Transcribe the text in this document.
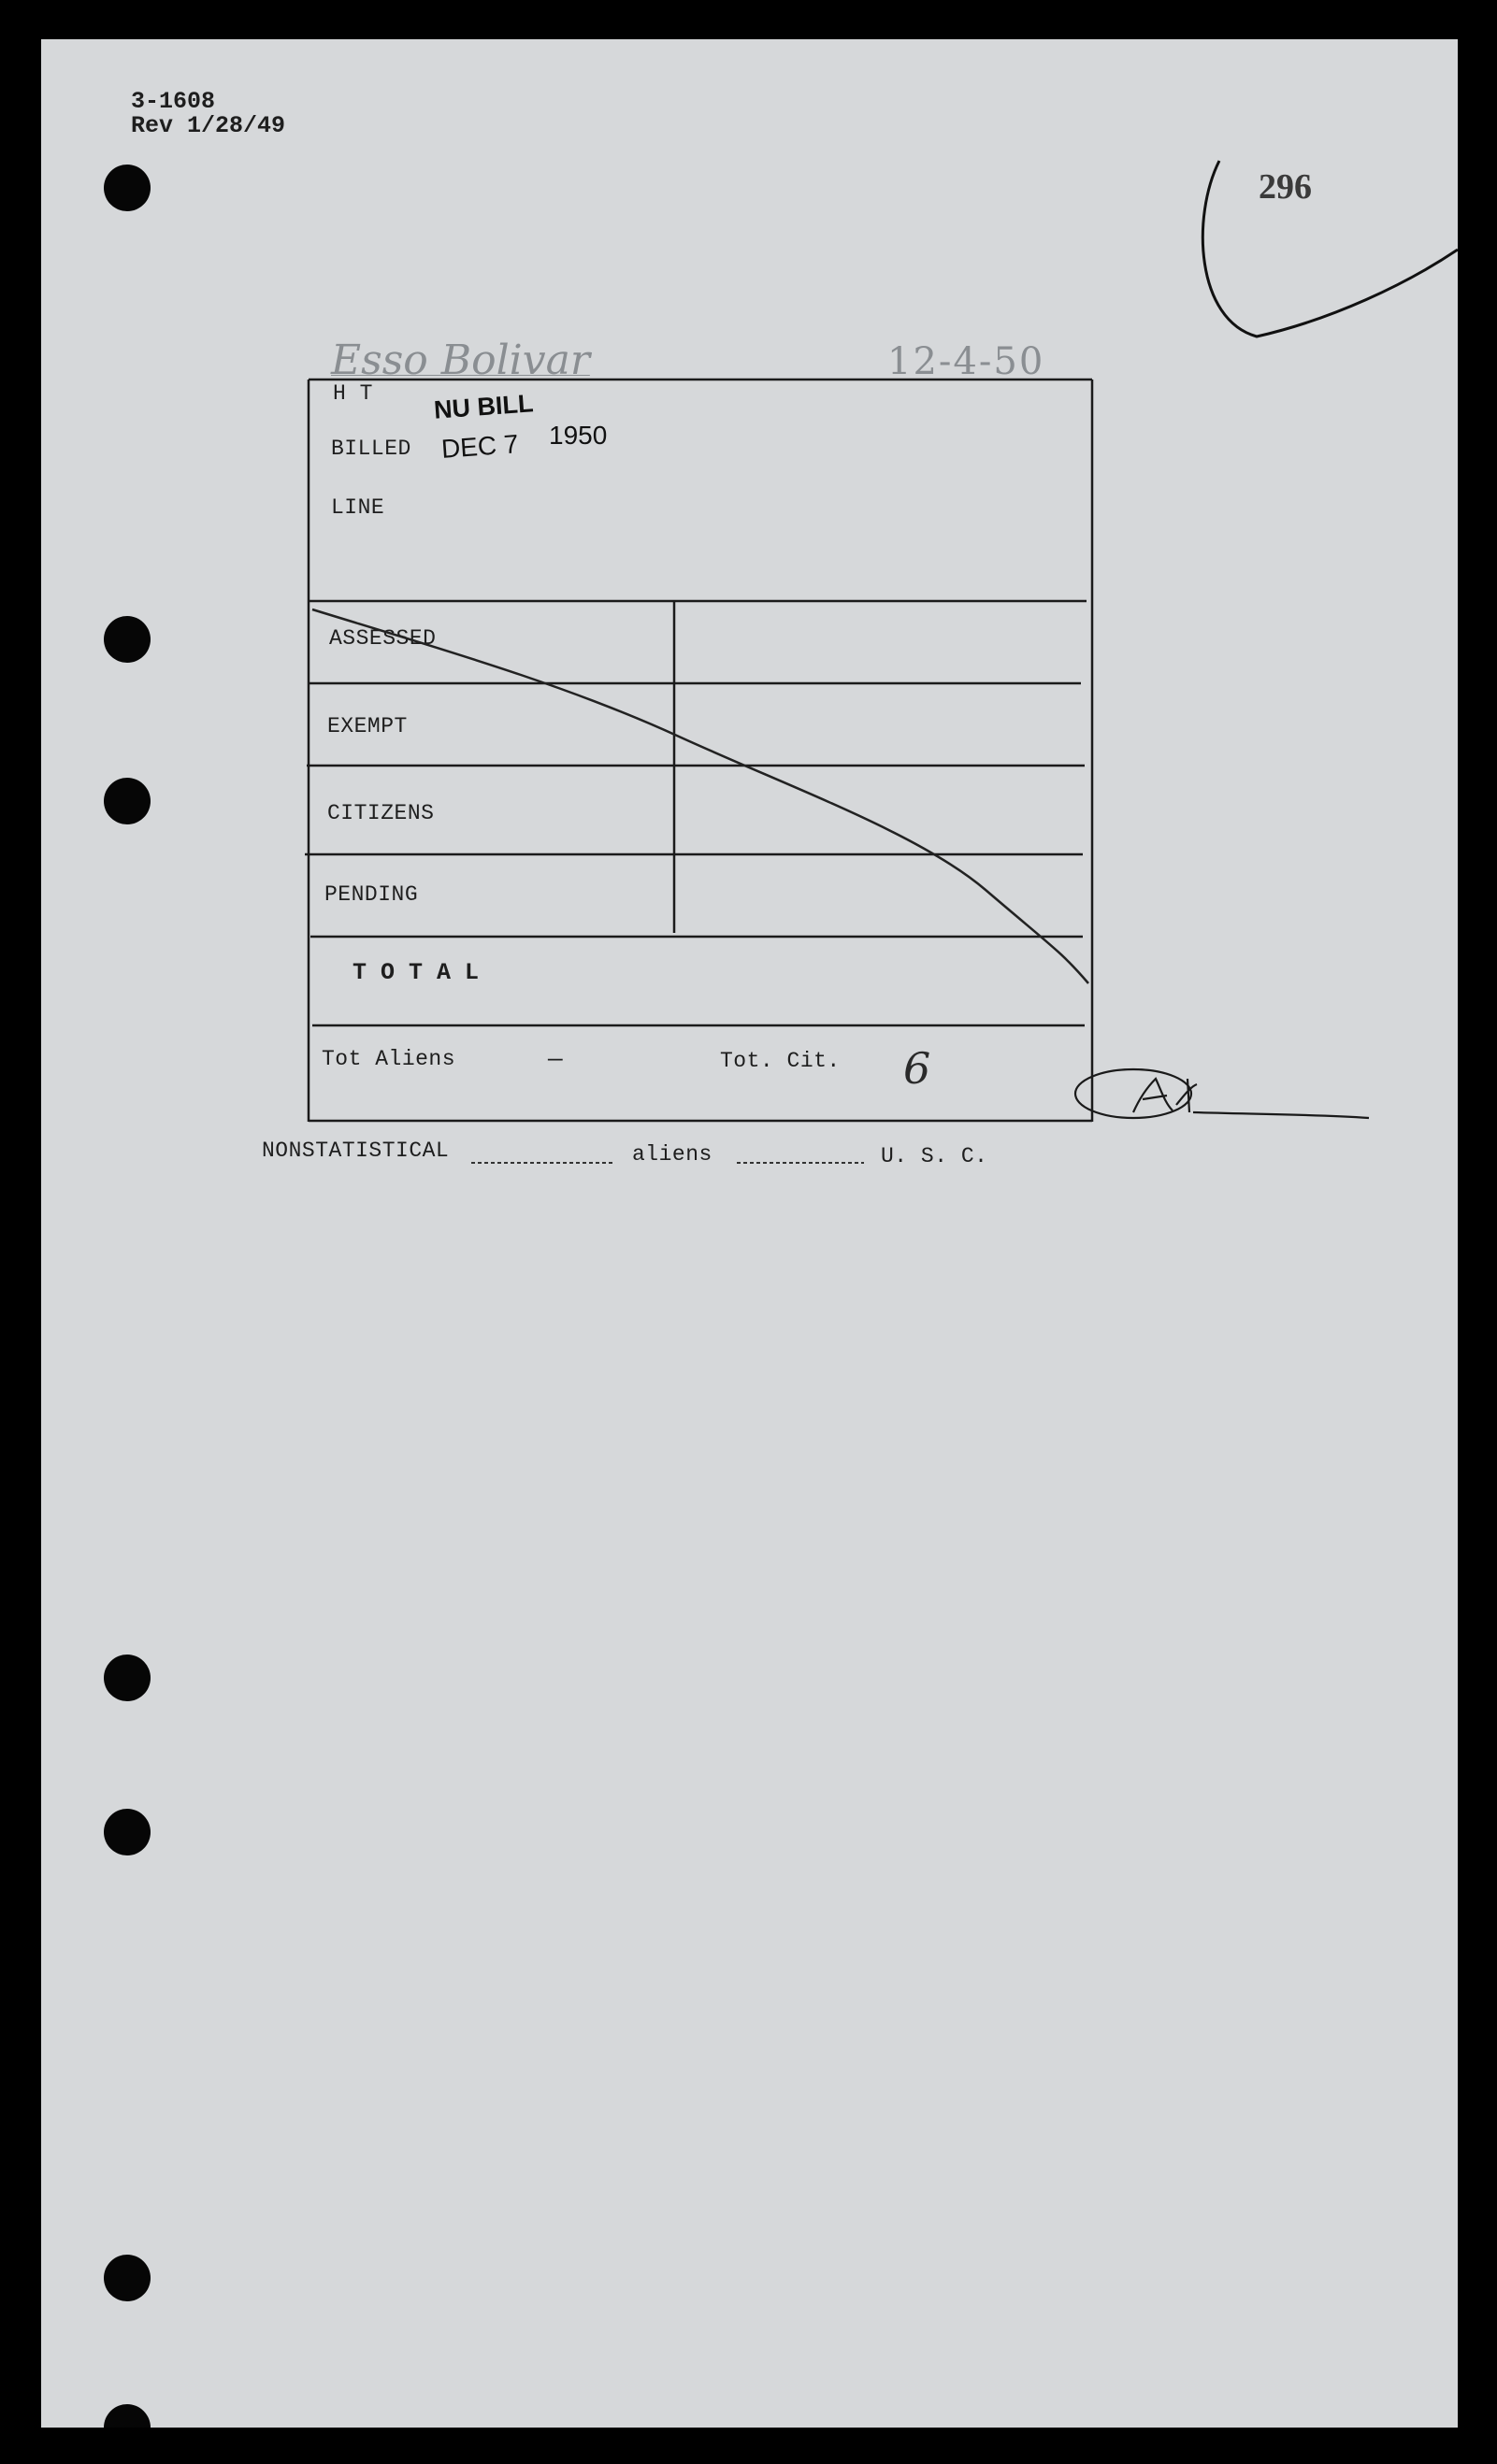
3-1608
Rev 1/28/49
296
Esso Bolivar	12-4-50
NU BILL
DEC 7 1950
H T
BILLED
LINE
ASSESSED
EXEMPT
CITIZENS
PENDING
T O T A L
Tot Aliens	—	Tot. Cit. 6
NONSTATISTICAL	aliens	U. S. C.
